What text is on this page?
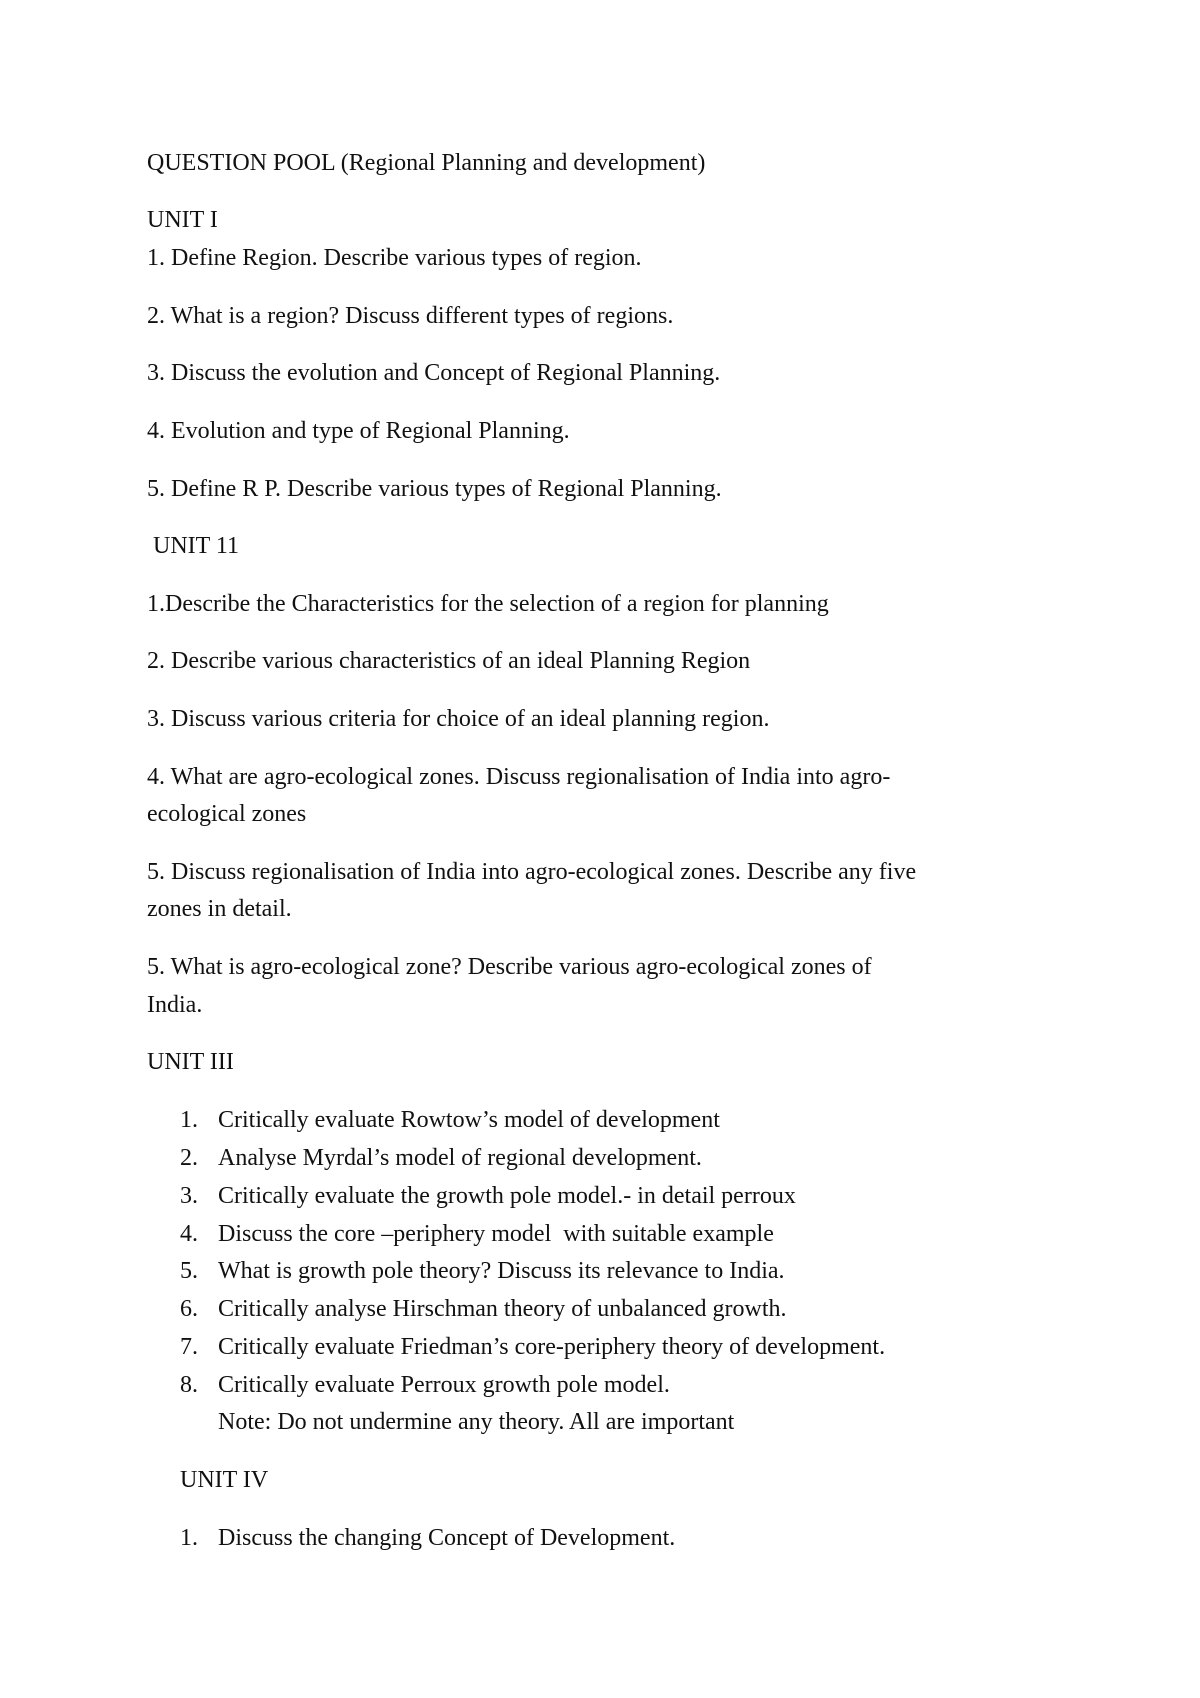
QUESTION POOL (Regional Planning and development)
UNIT I
1. Define Region. Describe various types of region.
2. What is a region? Discuss different types of regions.
3. Discuss the evolution and Concept of Regional Planning.
4. Evolution and type of Regional Planning.
5. Define R P. Describe various types of Regional Planning.
UNIT 11
1.Describe the Characteristics for the selection of a region for planning
2. Describe various characteristics of an ideal Planning Region
3. Discuss various criteria for choice of an ideal planning region.
4. What are agro-ecological zones. Discuss regionalisation of India into agro-
ecological zones
5. Discuss regionalisation of India into agro-ecological zones. Describe any five
zones in detail.
5. What is agro-ecological zone? Describe various agro-ecological zones of
India.
UNIT III
1. Critically evaluate Rowtow’s model of development
2. Analyse Myrdal’s model of regional development.
3. Critically evaluate the growth pole model.- in detail perroux
4. Discuss the core –periphery model  with suitable example
5. What is growth pole theory? Discuss its relevance to India.
6. Critically analyse Hirschman theory of unbalanced growth.
7. Critically evaluate Friedman’s core-periphery theory of development.
8. Critically evaluate Perroux growth pole model.
Note: Do not undermine any theory. All are important
UNIT IV
1. Discuss the changing Concept of Development.
